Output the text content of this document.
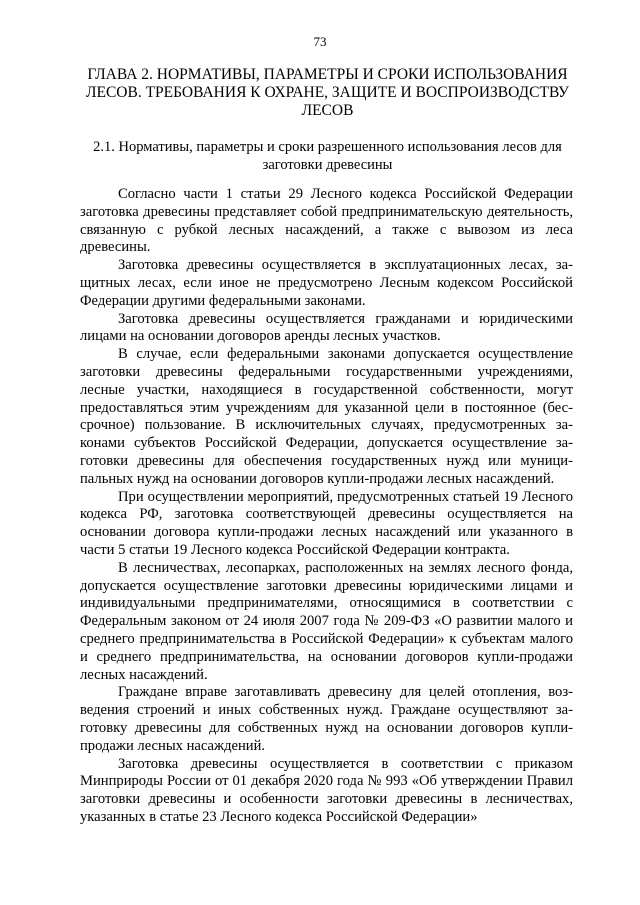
73
ГЛАВА 2. НОРМАТИВЫ, ПАРАМЕТРЫ И СРОКИ ИСПОЛЬЗОВАНИЯ ЛЕСОВ. ТРЕБОВАНИЯ К ОХРАНЕ, ЗАЩИТЕ И ВОСПРОИЗВОДСТВУ ЛЕСОВ
2.1. Нормативы, параметры и сроки разрешенного использования лесов для заготовки древесины

Согласно части 1 статьи 29 Лесного кодекса Российской Федерации заготовка древесины представляет собой предпринимательскую деятельность, связанную с рубкой лесных насаждений, а также с вывозом из леса древесины.

Заготовка древесины осуществляется в эксплуатационных лесах, защитных лесах, если иное не предусмотрено Лесным кодексом Российской Федерации другими федеральными законами.

Заготовка древесины осуществляется гражданами и юридическими лицами на основании договоров аренды лесных участков.

В случае, если федеральными законами допускается осуществление заготовки древесины федеральными государственными учреждениями, лесные участки, находящиеся в государственной собственности, могут предоставляться этим учреждениям для указанной цели в постоянное (бессрочное) пользование. В исключительных случаях, предусмотренных законами субъектов Российской Федерации, допускается осуществление заготовки древесины для обеспечения государственных нужд или муниципальных нужд на основании договоров купли-продажи лесных насаждений.

При осуществлении мероприятий, предусмотренных статьей 19 Лесного кодекса РФ, заготовка соответствующей древесины осуществляется на основании договора купли-продажи лесных насаждений или указанного в части 5 статьи 19 Лесного кодекса Российской Федерации контракта.

В лесничествах, лесопарках, расположенных на землях лесного фонда, допускается осуществление заготовки древесины юридическими лицами и индивидуальными предпринимателями, относящимися в соответствии с Федеральным законом от 24 июля 2007 года № 209-ФЗ «О развитии малого и среднего предпринимательства в Российской Федерации» к субъектам малого и среднего предпринимательства, на основании договоров купли-продажи лесных насаждений.

Граждане вправе заготавливать древесину для целей отопления, возведения строений и иных собственных нужд. Граждане осуществляют заготовку древесины для собственных нужд на основании договоров купли-продажи лесных насаждений.

Заготовка древесины осуществляется в соответствии с приказом Минприроды России от 01 декабря 2020 года № 993 «Об утверждении Правил заготовки древесины и особенности заготовки древесины в лесничествах, указанных в статье 23 Лесного кодекса Российской Федерации»
